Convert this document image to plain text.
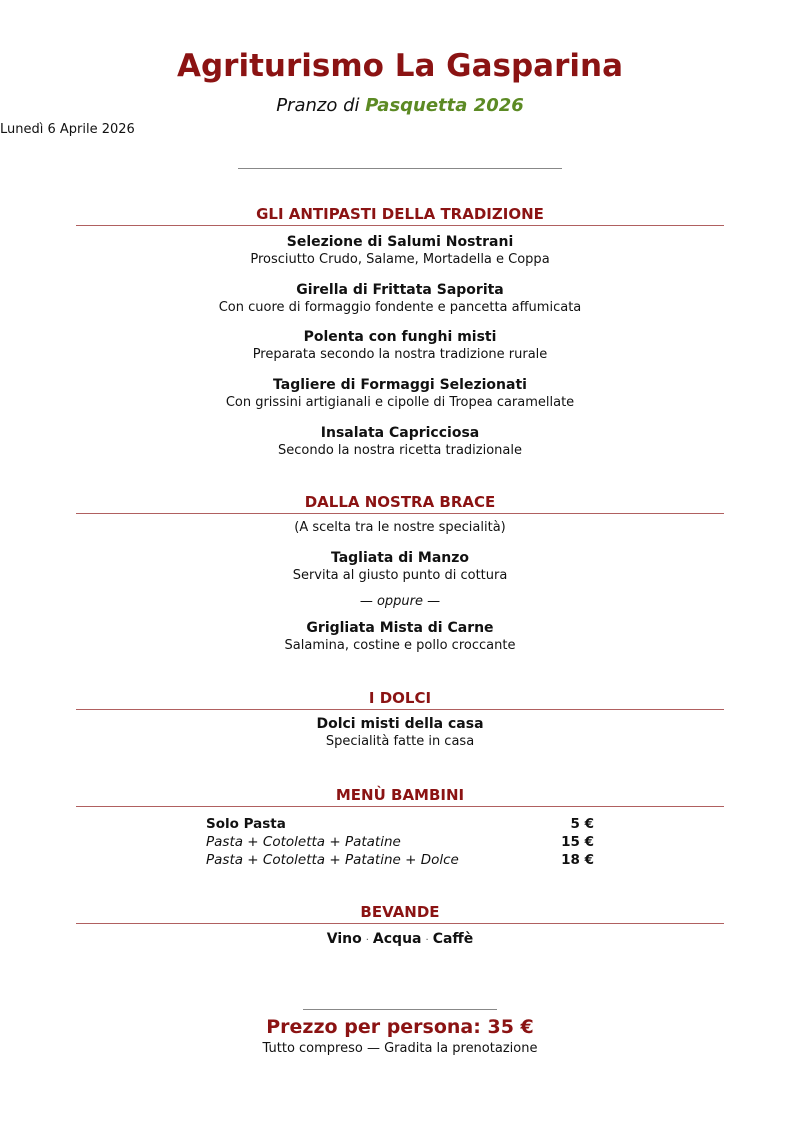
Agriturismo La Gasparina
Pranzo di Pasquetta 2026
Lunedì 6 Aprile 2026
GLI ANTIPASTI DELLA TRADIZIONE
Selezione di Salumi Nostrani
Prosciutto Crudo, Salame, Mortadella e Coppa
Girella di Frittata Saporita
Con cuore di formaggio fondente e pancetta affumicata
Polenta con funghi misti
Preparata secondo la nostra tradizione rurale
Tagliere di Formaggi Selezionati
Con grissini artigianali e cipolle di Tropea caramellate
Insalata Capricciosa
Secondo la nostra ricetta tradizionale
DALLA NOSTRA BRACE
(A scelta tra le nostre specialità)
Tagliata di Manzo
Servita al giusto punto di cottura
— oppure —
Grigliata Mista di Carne
Salamina, costine e pollo croccante
I DOLCI
Dolci misti della casa
Specialità fatte in casa
MENÙ BAMBINI
Solo Pasta	5 €
Pasta + Cotoletta + Patatine	15 €
Pasta + Cotoletta + Patatine + Dolce	18 €
BEVANDE
Vino · Acqua · Caffè
Prezzo per persona: 35 €
Tutto compreso — Gradita la prenotazione
